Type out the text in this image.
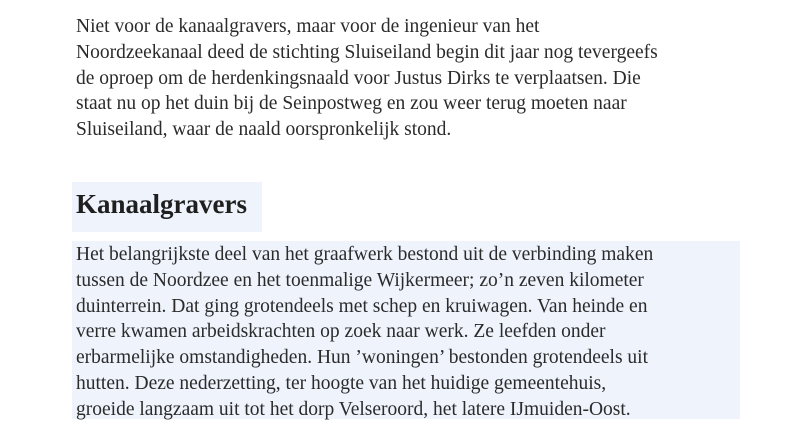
Niet voor de kanaalgravers, maar voor de ingenieur van het
Noordzeekanaal deed de stichting Sluiseiland begin dit jaar nog tevergeefs
de oproep om de herdenkingsnaald voor Justus Dirks te verplaatsen. Die
staat nu op het duin bij de Seinpostweg en zou weer terug moeten naar
Sluiseiland, waar de naald oorspronkelijk stond.

Kanaalgravers

Het belangrijkste deel van het graafwerk bestond uit de verbinding maken
tussen de Noordzee en het toenmalige Wijkermeer; zo’n zeven kilometer
duinterrein. Dat ging grotendeels met schep en kruiwagen. Van heinde en
verre kwamen arbeidskrachten op zoek naar werk. Ze leefden onder
erbarmelijke omstandigheden. Hun ’woningen’ bestonden grotendeels uit
hutten. Deze nederzetting, ter hoogte van het huidige gemeentehuis,
groeide langzaam uit tot het dorp Velseroord, het latere IJmuiden-Oost.
